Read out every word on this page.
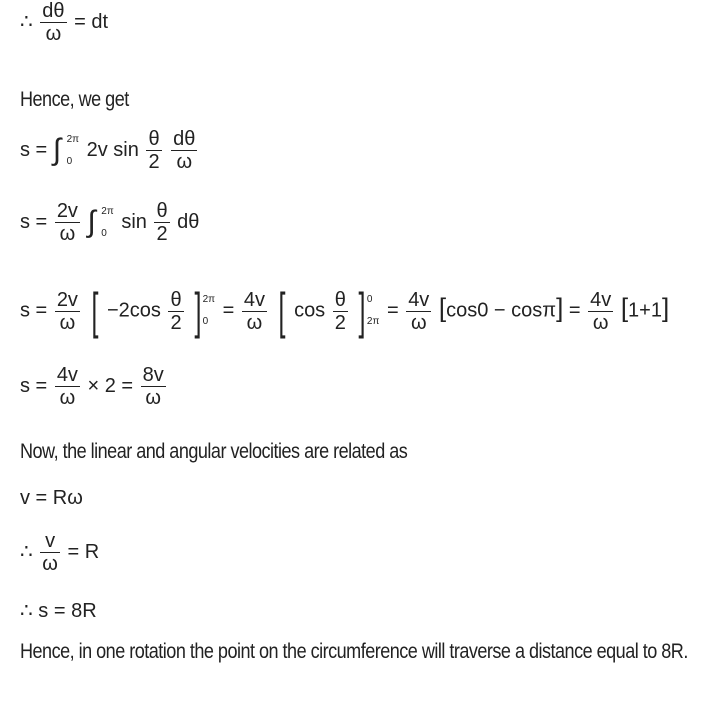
∴ $\frac{d\theta}{\omega}$ = dt
Hence, we get
s = ∫ 2π
0
2v $\sin \frac{\theta}{2}$
$\frac{d\theta}{\omega}$
$s = \frac{2v}{\omega}$ ∫ 2π
0
$\sin \frac{\theta}{2}$ dθ
$s = \frac{2v}{\omega}$ [ $-2\cos \frac{\theta}{2}$ ] 2π
0
= $\frac{4v}{\omega}$ [ $\cos \frac{\theta}{2}$ ] 0
2π
= $\frac{4v}{\omega} [\cos 0 - \cos\pi] = \frac{4v}{\omega} [1+1]$
$s = \frac{4v}{\omega} \times 2 = \frac{8v}{\omega}$
Now, the linear and angular velocities are related as
v = Rω
∴ $\frac{v}{\omega} = R$
∴ s = 8R
Hence, in one rotation the point on the circumference will traverse a distance equal to 8R.
